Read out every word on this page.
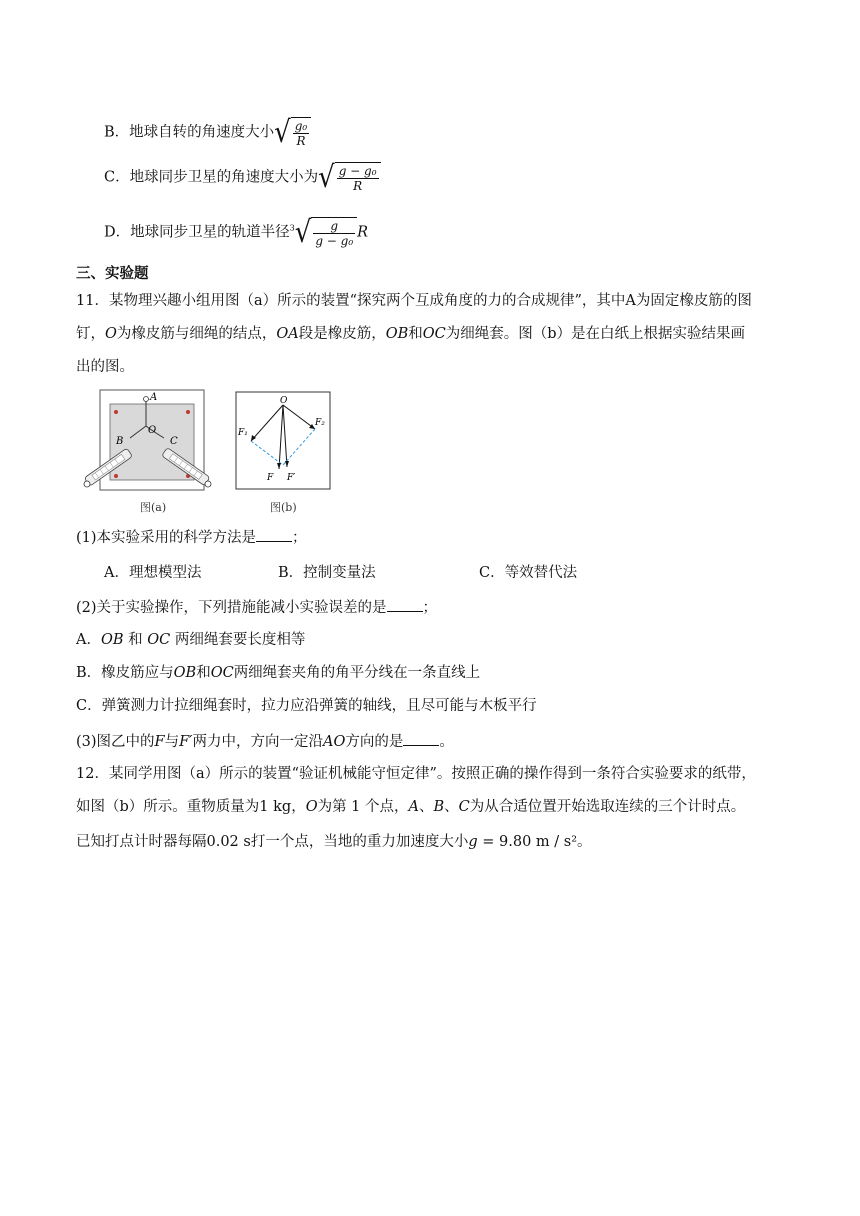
B．地球自转的角速度大小√ $\frac{\text{g₀}}{R}$
C．地球同步卫星的角速度大小为√ $\frac{\text{g − g₀}}{R}$
D．地球同步卫星的轨道半径$^3√ \frac{g}{\text{g − g₀}}$ R
三、实验题
11．某物理兴趣小组用图（a）所示的装置“探究两个互成角度的力的合成规律”，其中A为固定橡皮筋的图
钉，O为橡皮筋与细绳的结点，OA段是橡皮筋，OB和OC为细绳套。图（b）是在白纸上根据实验结果画
出的图。
A
B
O
C
图(a)
O
F₁
F₂
F F′
图(b)
(1)本实验采用的科学方法是 ；
A．理想模型法	B．控制变量法	C．等效替代法
(2)关于实验操作，下列措施能减小实验误差的是 ；
A．OB 和 OC 两细绳套要长度相等
B．橡皮筋应与OB和OC两细绳套夹角的角平分线在一条直线上
C．弹簧测力计拉细绳套时，拉力应沿弹簧的轴线，且尽可能与木板平行
(3)图乙中的F与F′两力中，方向一定沿AO方向的是 。
12．某同学用图（a）所示的装置“验证机械能守恒定律”。按照正确的操作得到一条符合实验要求的纸带，
如图（b）所示。重物质量为1 kg，O为第 1 个点，A、B、C为从合适位置开始选取连续的三个计时点。
已知打点计时器每隔0.02 s打一个点，当地的重力加速度大小g = 9.80 m / s²。
